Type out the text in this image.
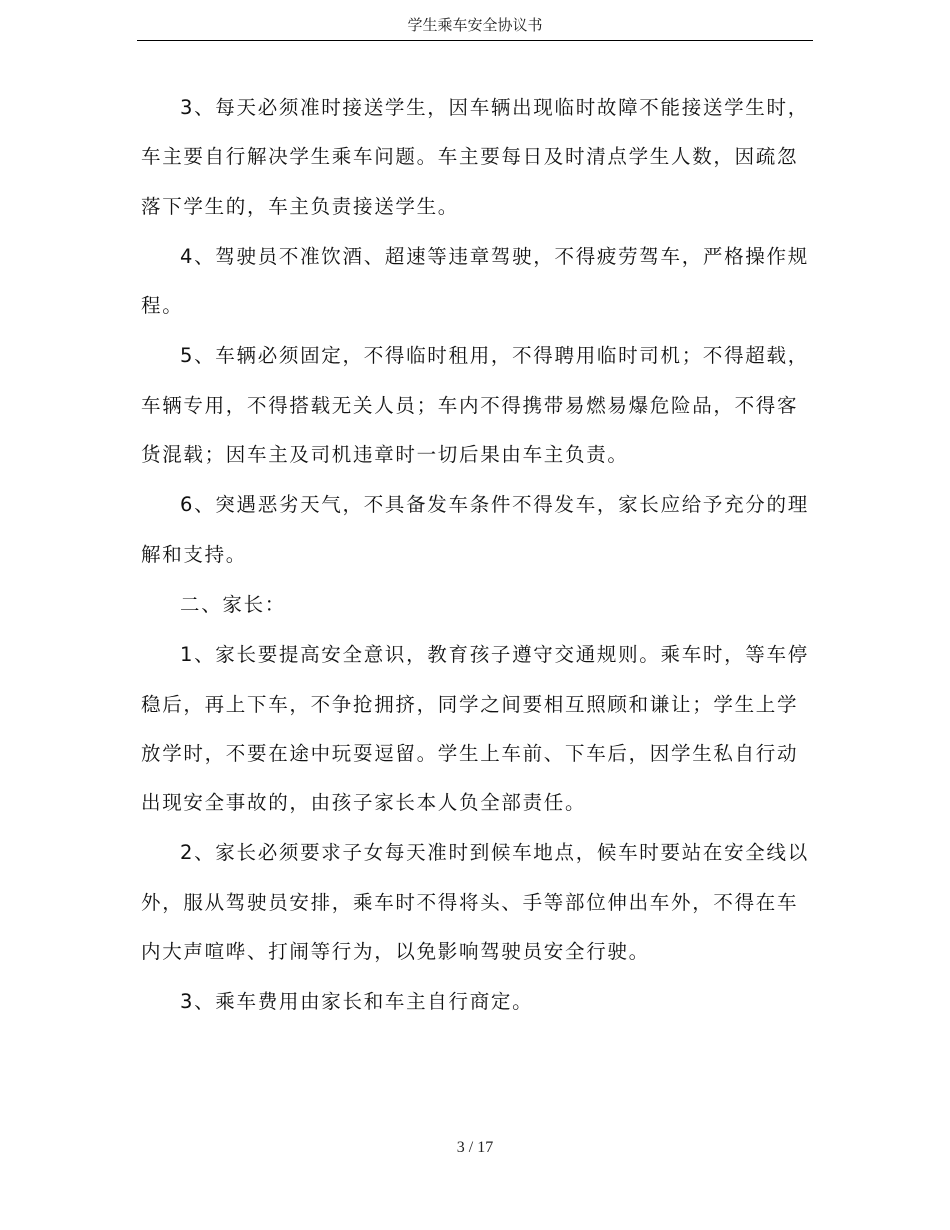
学生乘车安全协议书

3、每天必须准时接送学生，因车辆出现临时故障不能接送学生时，车主要自行解决学生乘车问题。车主要每日及时清点学生人数，因疏忽落下学生的，车主负责接送学生。

4、驾驶员不准饮酒、超速等违章驾驶，不得疲劳驾车，严格操作规程。

5、车辆必须固定，不得临时租用，不得聘用临时司机；不得超载，车辆专用，不得搭载无关人员；车内不得携带易燃易爆危险品，不得客货混载；因车主及司机违章时一切后果由车主负责。

6、突遇恶劣天气，不具备发车条件不得发车，家长应给予充分的理解和支持。

二、家长：

1、家长要提高安全意识，教育孩子遵守交通规则。乘车时，等车停稳后，再上下车，不争抢拥挤，同学之间要相互照顾和谦让；学生上学放学时，不要在途中玩耍逗留。学生上车前、下车后，因学生私自行动出现安全事故的，由孩子家长本人负全部责任。

2、家长必须要求子女每天准时到候车地点，候车时要站在安全线以外，服从驾驶员安排，乘车时不得将头、手等部位伸出车外，不得在车内大声喧哗、打闹等行为，以免影响驾驶员安全行驶。

3、乘车费用由家长和车主自行商定。

3 / 17
